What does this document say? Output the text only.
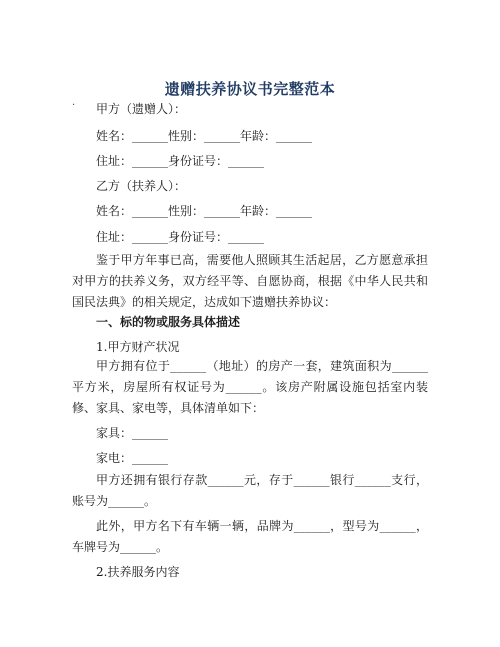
遗赠扶养协议书完整范本
·	甲方（遗赠人）：
姓名：______性别：______年龄：______
住址：______身份证号：______
乙方（扶养人）：
姓名：______性别：______年龄：______
住址：______身份证号：______
鉴于甲方年事已高，需要他人照顾其生活起居，乙方愿意承担对甲方的扶养义务，双方经平等、自愿协商，根据《中华人民共和国民法典》的相关规定，达成如下遗赠扶养协议：
一、标的物或服务具体描述
1.甲方财产状况
甲方拥有位于______（地址）的房产一套，建筑面积为______平方米，房屋所有权证号为______。该房产附属设施包括室内装修、家具、家电等，具体清单如下：
家具：______
家电：______
甲方还拥有银行存款______元，存于______银行______支行，账号为______。
此外，甲方名下有车辆一辆，品牌为______，型号为______，车牌号为______。
2.扶养服务内容
